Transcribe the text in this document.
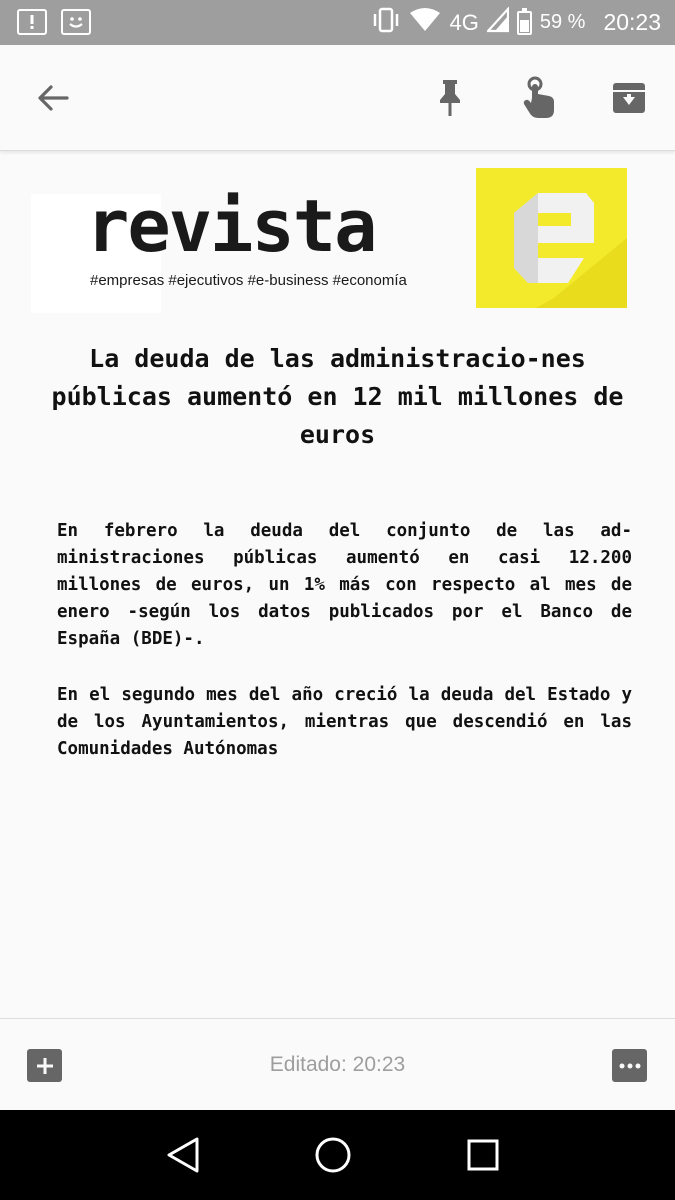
4G	59 % 20:23
revista
#empresas #ejecutivos #e-business #economía

La deuda de las administracio-nes públicas aumentó en 12 mil millones de euros

En febrero la deuda del conjunto de las ad-ministraciones públicas aumentó en casi 12.200 millones de euros, un 1% más con respecto al mes de enero -según los datos publicados por el Banco de España (BDE)-.

En el segundo mes del año creció la deuda del Estado y de los Ayuntamientos, mientras que descendió en las Comunidades Autónomas

Editado: 20:23
